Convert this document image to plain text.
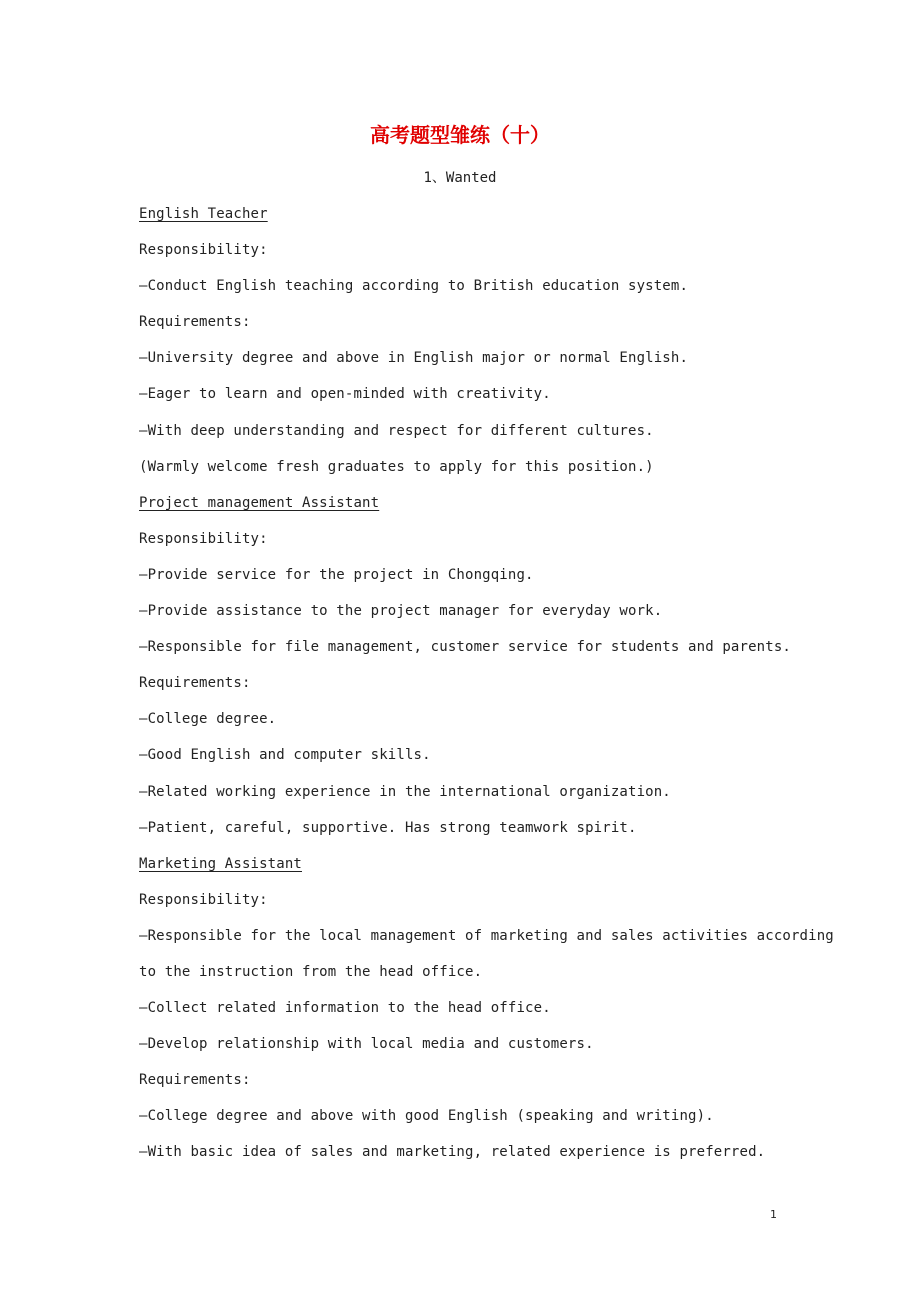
高考题型雏练（十）
1、Wanted
English Teacher
Responsibility:
—Conduct English teaching according to British education system.
Requirements:
—University degree and above in English major or normal English.
—Eager to learn and open-minded with creativity.
—With deep understanding and respect for different cultures.
(Warmly welcome fresh graduates to apply for this position.)
Project management Assistant
Responsibility:
—Provide service for the project in Chongqing.
—Provide assistance to the project manager for everyday work.
—Responsible for file management, customer service for students and parents.
Requirements:
—College degree.
—Good English and computer skills.
—Related working experience in the international organization.
—Patient, careful, supportive. Has strong teamwork spirit.
Marketing Assistant
Responsibility:
—Responsible for the local management of marketing and sales activities according
to the instruction from the head office.
—Collect related information to the head office.
—Develop relationship with local media and customers.
Requirements:
—College degree and above with good English (speaking and writing).
—With basic idea of sales and marketing, related experience is preferred.
1
